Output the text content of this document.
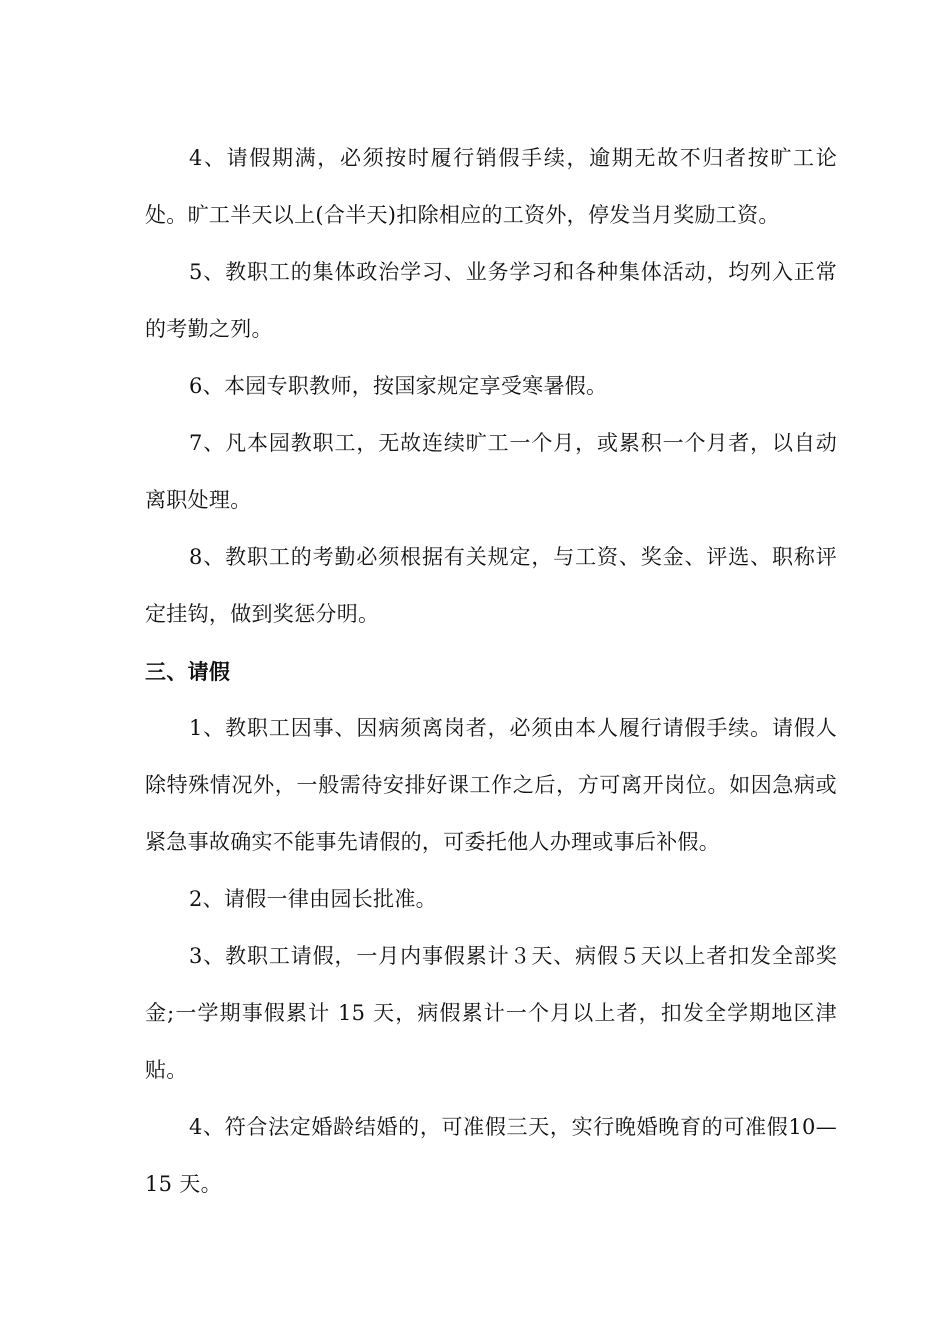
4、请假期满，必须按时履行销假手续，逾期无故不归者按旷工论处。旷工半天以上(合半天)扣除相应的工资外，停发当月奖励工资。

5、教职工的集体政治学习、业务学习和各种集体活动，均列入正常的考勤之列。

6、本园专职教师，按国家规定享受寒暑假。

7、凡本园教职工，无故连续旷工一个月，或累积一个月者，以自动离职处理。

8、教职工的考勤必须根据有关规定，与工资、奖金、评选、职称评定挂钩，做到奖惩分明。

三、请假

1、教职工因事、因病须离岗者，必须由本人履行请假手续。请假人除特殊情况外，一般需待安排好课工作之后，方可离开岗位。如因急病或紧急事故确实不能事先请假的，可委托他人办理或事后补假。

2、请假一律由园长批准。

3、教职工请假，一月内事假累计３天、病假５天以上者扣发全部奖金;一学期事假累计 15 天，病假累计一个月以上者，扣发全学期地区津贴。

4、符合法定婚龄结婚的，可准假三天，实行晚婚晚育的可准假10—15 天。
